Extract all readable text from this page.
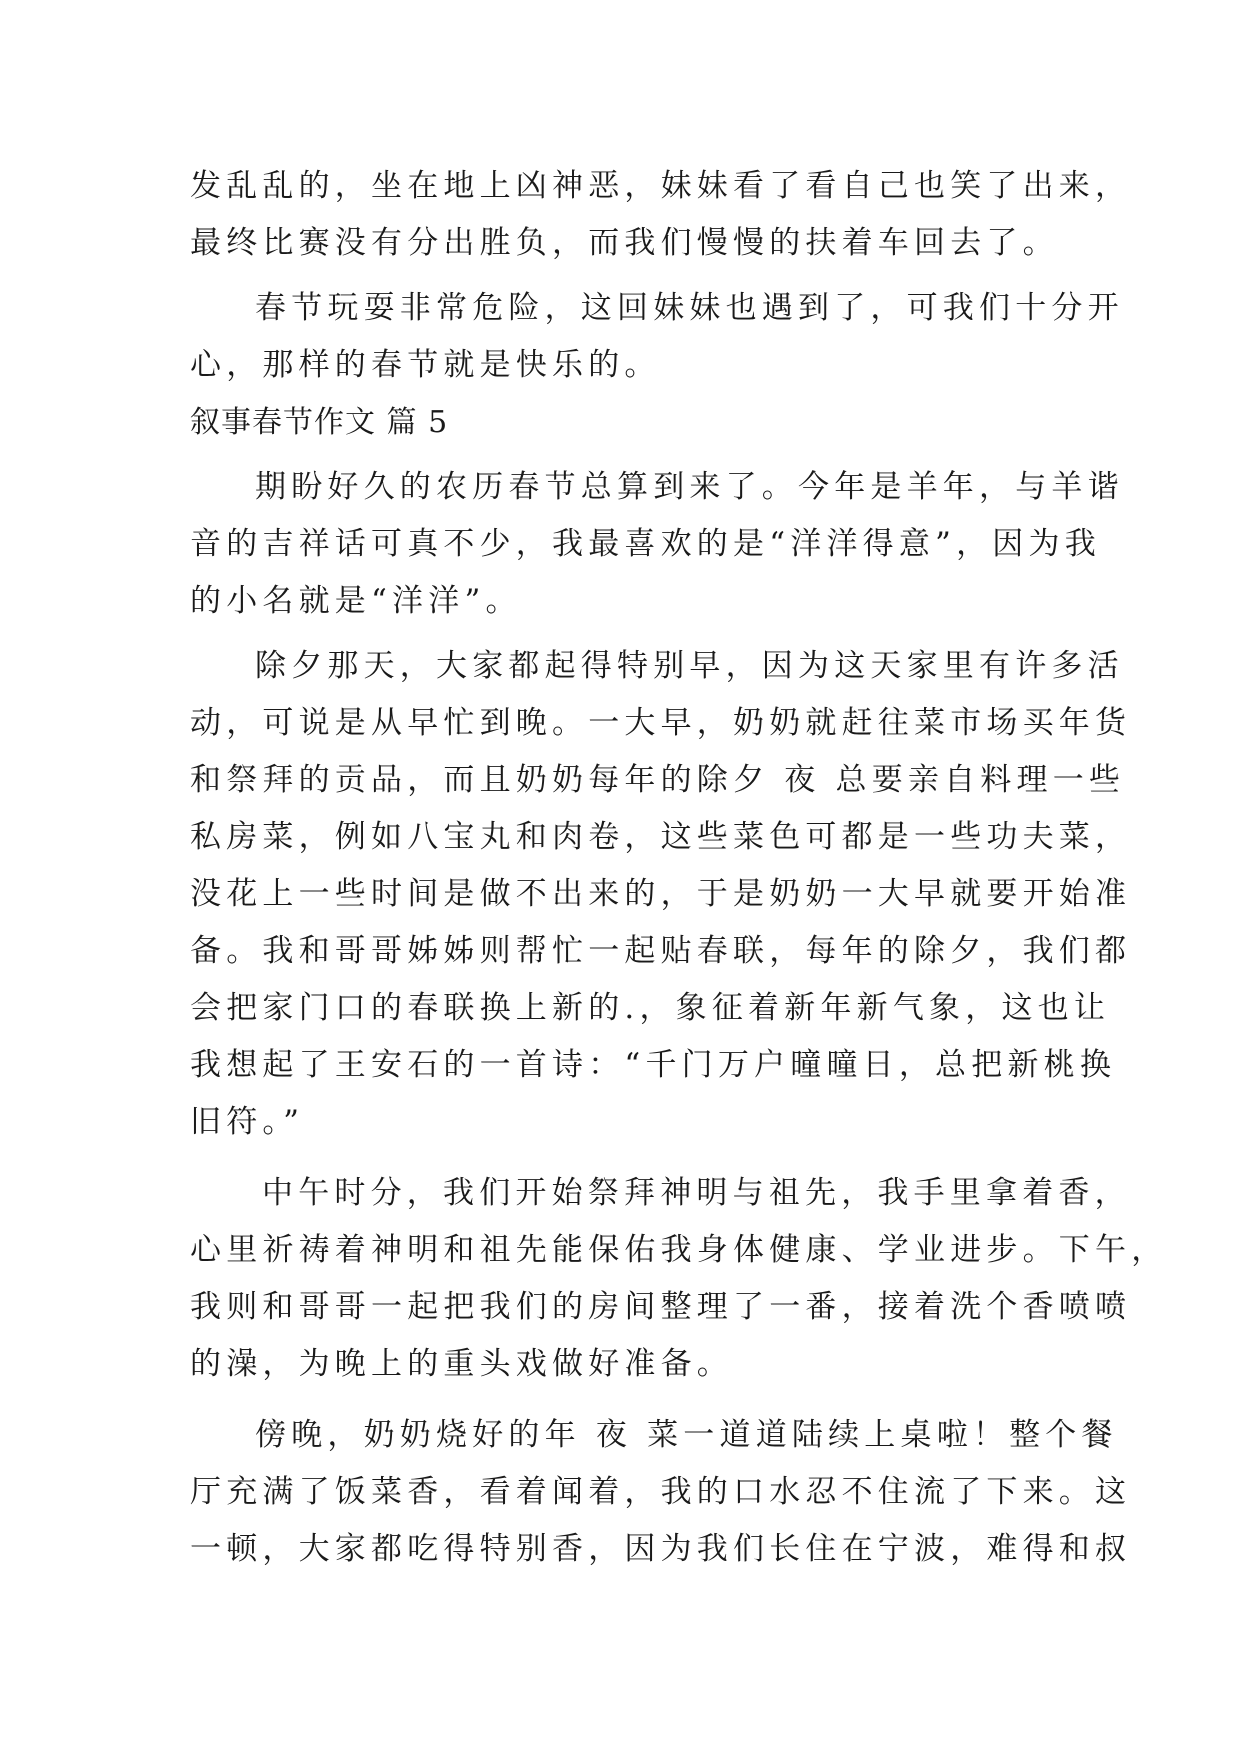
发乱乱的，坐在地上凶神恶，妹妹看了看自己也笑了出来，
最终比赛没有分出胜负，而我们慢慢的扶着车回去了。
春节玩耍非常危险，这回妹妹也遇到了，可我们十分开
心，那样的春节就是快乐的。
叙事春节作文 篇 5
期盼好久的农历春节总算到来了。今年是羊年，与羊谐
音的吉祥话可真不少，我最喜欢的是“洋洋得意”，因为我
的小名就是“洋洋”。
除夕那天，大家都起得特别早，因为这天家里有许多活
动，可说是从早忙到晚。一大早，奶奶就赶往菜市场买年货
和祭拜的贡品，而且奶奶每年的除夕 夜 总要亲自料理一些
私房菜，例如八宝丸和肉卷，这些菜色可都是一些功夫菜，
没花上一些时间是做不出来的，于是奶奶一大早就要开始准
备。我和哥哥姊姊则帮忙一起贴春联，每年的除夕，我们都
会把家门口的春联换上新的.，象征着新年新气象，这也让
我想起了王安石的一首诗：“千门万户曈曈日，总把新桃换
旧符。”
中午时分，我们开始祭拜神明与祖先，我手里拿着香，
心里祈祷着神明和祖先能保佑我身体健康、学业进步。下午，
我则和哥哥一起把我们的房间整理了一番，接着洗个香喷喷
的澡，为晚上的重头戏做好准备。
傍晚，奶奶烧好的年 夜 菜一道道陆续上桌啦！整个餐
厅充满了饭菜香，看着闻着，我的口水忍不住流了下来。这
一顿，大家都吃得特别香，因为我们长住在宁波，难得和叔
